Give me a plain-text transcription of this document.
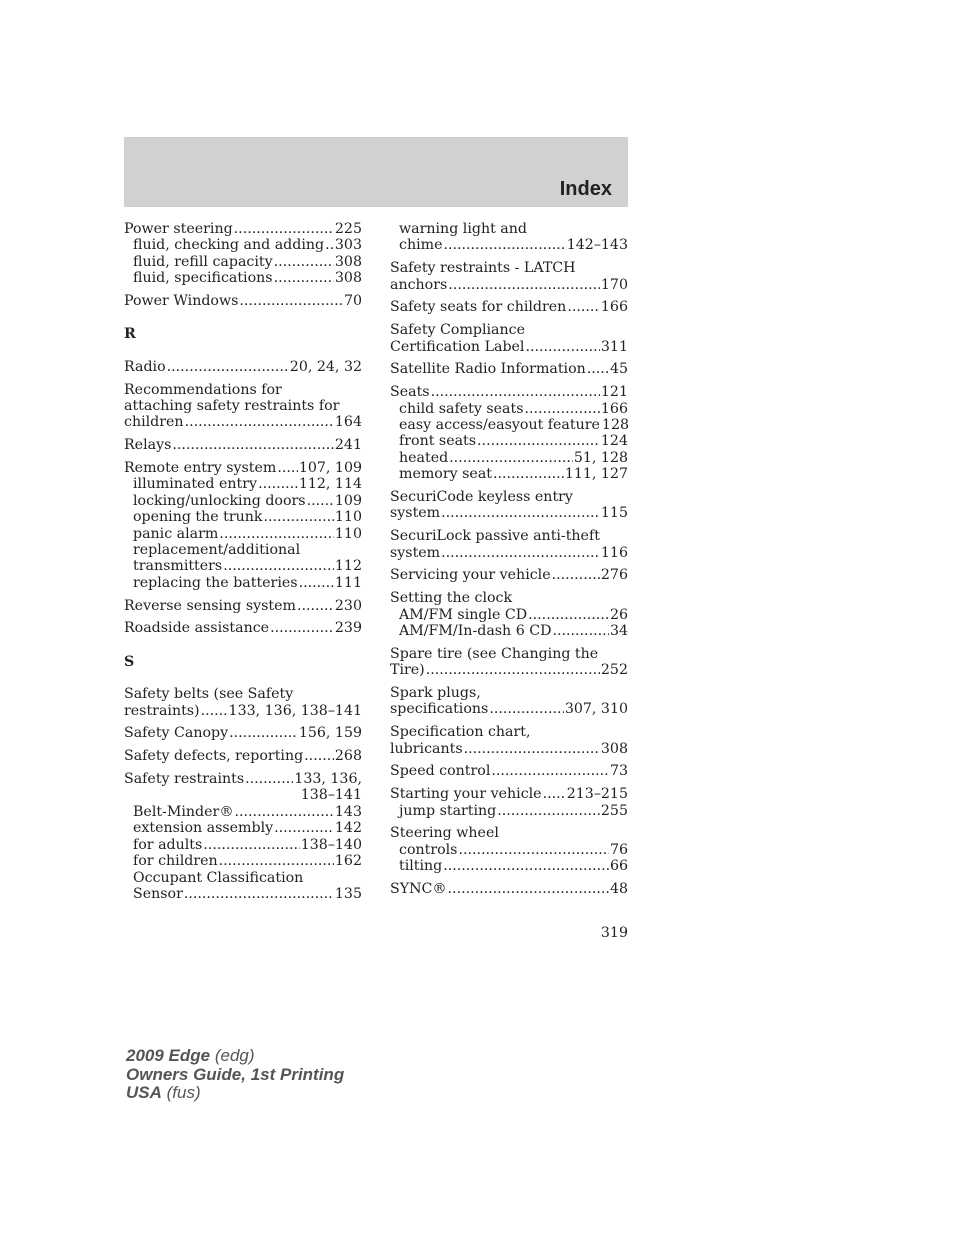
Index
Power steering .....	225
fluid, checking and adding ..... 303
fluid, refill capacity .....	308
fluid, specifications .....	308
Power Windows .....	70
R
Radio .....	20, 24, 32
Recommendations for
attaching safety restraints for
children .....	164
Relays .....	241
Remote entry system ..... 107, 109
illuminated entry .....	112, 114
locking/unlocking doors ..... 109
opening the trunk .....	110
panic alarm .....	110
replacement/additional
transmitters .....	112
replacing the batteries .....	111
Reverse sensing system .....	230
Roadside assistance .....	239
S
Safety belts (see Safety
restraints) ..... 133, 136, 138–141
Safety Canopy .....	156, 159
Safety defects, reporting ..... 268
Safety restraints .....	133, 136,
138–141
Belt-Minder® .....	143
extension assembly .....	142
for adults .....	138–140
for children .....	162
Occupant Classification
Sensor .....	135
warning light and
chime .....	142–143
Safety restraints - LATCH
anchors .....	170
Safety seats for children ..... 166
Safety Compliance
Certification Label .....	311
Satellite Radio Information ..... 45
Seats .....	121
child safety seats .....	166
easy access/easyout feature 128
front seats .....	124
heated .....	51, 128
memory seat .....	111, 127
SecuriCode keyless entry
system .....	115
SecuriLock passive anti-theft
system .....	116
Servicing your vehicle .....	276
Setting the clock
AM/FM single CD .....	26
AM/FM/In-dash 6 CD .....	34
Spare tire (see Changing the
Tire) .....	252
Spark plugs,
specifications .....	307, 310
Specification chart,
lubricants .....	308
Speed control .....	73
Starting your vehicle ..... 213–215
jump starting .....	255
Steering wheel
controls .....	76
tilting .....	66
SYNC® .....	48
319
2009 Edge (edg)
Owners Guide, 1st Printing
USA (fus)
